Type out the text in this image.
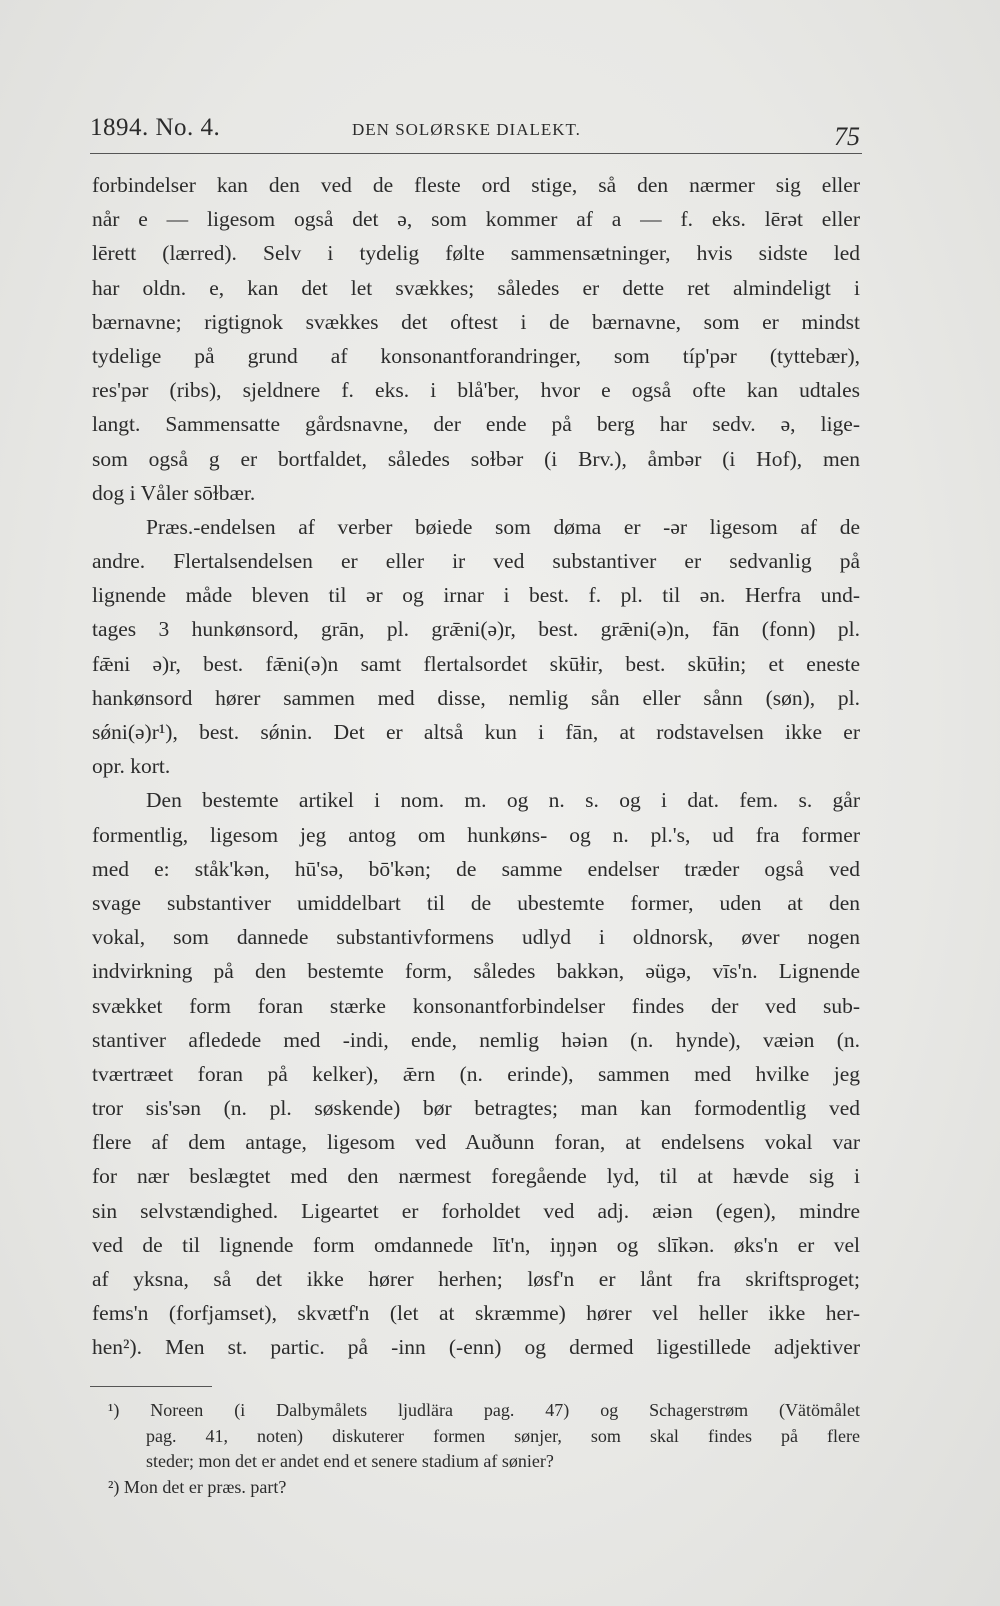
1894. No. 4.	DEN SOLØRSKE DIALEKT.	75
forbindelser kan den ved de fleste ord stige, så den nærmer sig eller
når e — ligesom også det ə, som kommer af a — f. eks. lērət eller
lērett (lærred). Selv i tydelig følte sammensætninger, hvis sidste led
har oldn. e, kan det let svækkes; således er dette ret almindeligt i
bærnavne; rigtignok svækkes det oftest i de bærnavne, som er mindst
tydelige på grund af konsonantforandringer, som típ'pər (tyttebær),
res'pər (ribs), sjeldnere f. eks. i blå'ber, hvor e også ofte kan udtales
langt. Sammensatte gårdsnavne, der ende på berg har sedv. ə, lige-
som også g er bortfaldet, således soɫbər (i Brv.), åmbər (i Hof), men
dog i Våler sōɫbær.
Præs.-endelsen af verber bøiede som døma er -ər ligesom af de
andre. Flertalsendelsen er eller ir ved substantiver er sedvanlig på
lignende måde bleven til ər og irnar i best. f. pl. til ən. Herfra und-
tages 3 hunkønsord, grān, pl. grǣni(ə)r, best. grǣni(ə)n, fān (fonn) pl.
fǣni ə)r, best. fǣni(ə)n samt flertalsordet skūɫir, best. skūɫin; et eneste
hankønsord hører sammen med disse, nemlig sån eller sånn (søn), pl.
sǿni(ə)r¹), best. sǿnin. Det er altså kun i fān, at rodstavelsen ikke er
opr. kort.
Den bestemte artikel i nom. m. og n. s. og i dat. fem. s. går
formentlig, ligesom jeg antog om hunkøns- og n. pl.'s, ud fra former
med e: ståk'kən, hū'sə, bō'kən; de samme endelser træder også ved
svage substantiver umiddelbart til de ubestemte former, uden at den
vokal, som dannede substantivformens udlyd i oldnorsk, øver nogen
indvirkning på den bestemte form, således bakkən, əügə, vīs'n. Lignende
svækket form foran stærke konsonantforbindelser findes der ved sub-
stantiver afledede med -indi, ende, nemlig həiən (n. hynde), væiən (n.
tværtræet foran på kelker), ǣrn (n. erinde), sammen med hvilke jeg
tror sis'sən (n. pl. søskende) bør betragtes; man kan formodentlig ved
flere af dem antage, ligesom ved Auðunn foran, at endelsens vokal var
for nær beslægtet med den nærmest foregående lyd, til at hævde sig i
sin selvstændighed. Ligeartet er forholdet ved adj. æiən (egen), mindre
ved de til lignende form omdannede līt'n, iŋŋən og slīkən. øks'n er vel
af yksna, så det ikke hører herhen; løsf'n er lånt fra skriftsproget;
fems'n (forfjamset), skvætf'n (let at skræmme) hører vel heller ikke her-
hen²). Men st. partic. på -inn (-enn) og dermed ligestillede adjektiver
¹) Noreen (i Dalbymålets ljudlära pag. 47) og Schagerstrøm (Vätömålet
pag. 41, noten) diskuterer formen sønjer, som skal findes på flere
steder; mon det er andet end et senere stadium af sønier?
²) Mon det er præs. part?
